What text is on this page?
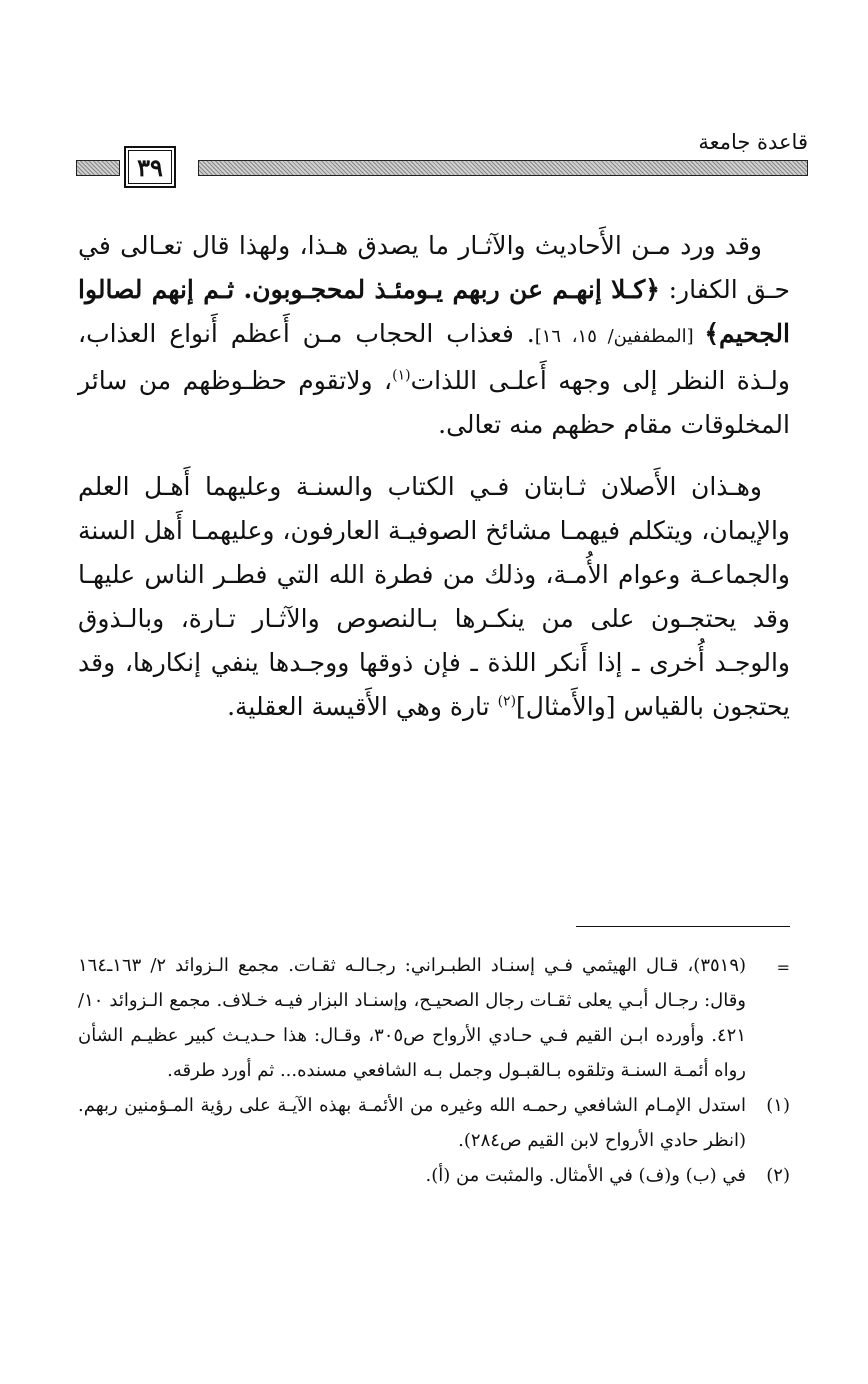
قاعدة جامعة
٣٩

وقد ورد مـن الأَحاديث والآثـار ما يصدق هـذا، ولهذا قال تعـالى في حـق الكفار: ﴿كـلا إنهـم عن ربهم يـومئـذ لمحجـوبون. ثـم إنهم لصالوا الجحيم﴾ [المطففين/ ١٥، ١٦]. فعذاب الحجاب مـن أَعظم أَنواع العذاب، ولـذة النظر إلى وجهه أَعلـى اللذات$^{(١)}$، ولاتقوم حظـوظهم من سائر المخلوقات مقام حظهم منه تعالى.

وهـذان الأَصلان ثـابتان فـي الكتاب والسنـة وعليهما أَهـل العلم والإيمان، ويتكلم فيهمـا مشائخ الصوفيـة العارفون، وعليهمـا أَهل السنة والجماعـة وعوام الأُمـة، وذلك من فطرة الله التي فطـر الناس عليهـا وقد يحتجـون على من ينكـرها بـالنصوص والآثـار تـارة، وبالـذوق والوجـد أُخرى ـ إذا أَنكر اللذة ـ فإن ذوقها ووجـدها ينفي إنكارها، وقد يحتجون بالقياس [والأَمثال]$^{(٢)}$ تارة وهي الأَقيسة العقلية.

=
(٣٥١٩)، قـال الهيثمي فـي إسنـاد الطبـراني: رجـالـه ثقـات. مجمع الـزوائد ٢/ ١٦٣ـ١٦٤ وقال: رجـال أبـي يعلى ثقـات رجال الصحيـح، وإسنـاد البزار فيـه خـلاف. مجمع الـزوائد ١٠/ ٤٢١. وأورده ابـن القيم فـي حـادي الأرواح ص٣٠٥، وقـال: هذا حـديـث كبير عظيـم الشأن رواه أئمـة السنـة وتلقوه بـالقبـول وجمل بـه الشافعي مسنده... ثم أورد طرقه.

(١)
استدل الإمـام الشافعي رحمـه الله وغيره من الأئمـة بهذه الآيـة على رؤية المـؤمنين ربهم. (انظر حادي الأرواح لابن القيم ص٢٨٤).

(٢)
في (ب) و(ف) في الأمثال. والمثبت من (أ).
